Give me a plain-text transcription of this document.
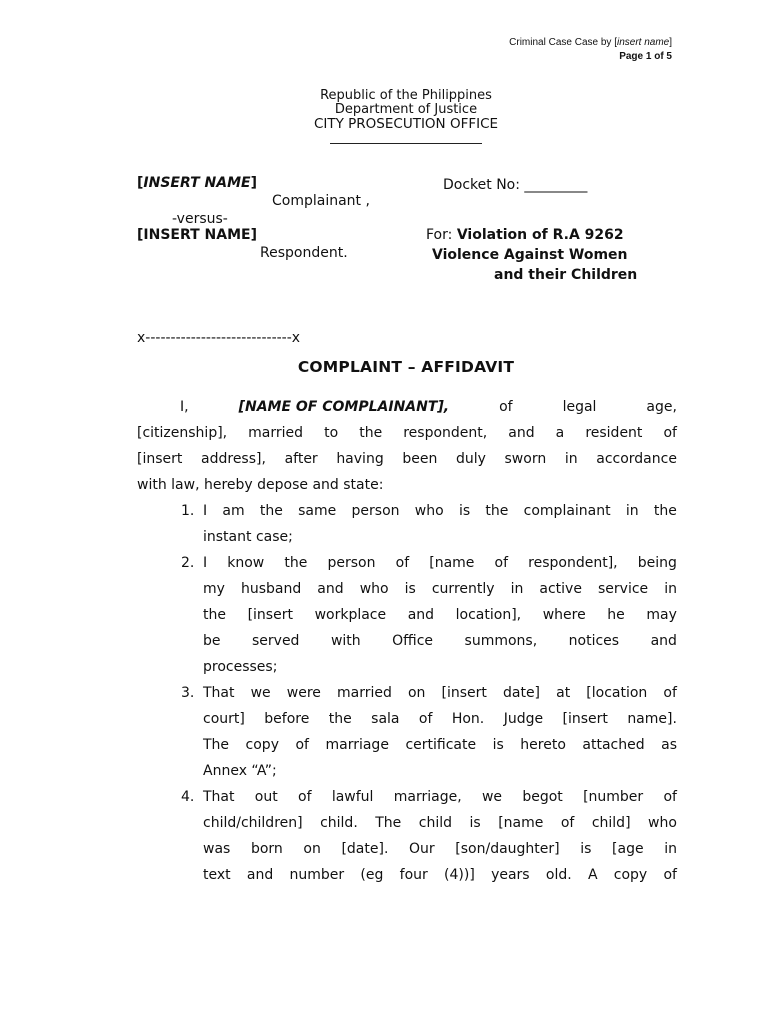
Criminal Case Case by [insert name]
Page 1 of 5
Republic of the Philippines
Department of Justice
CITY PROSECUTION OFFICE
[INSERT NAME]
Complainant ,
-versus-
[INSERT NAME]
Respondent.
Docket No: _________
For: Violation of R.A 9262
Violence Against Women
and their Children
x-----------------------------x
COMPLAINT – AFFIDAVIT
I,	[NAME OF COMPLAINANT],	of	legal	age,
[citizenship], married to the respondent, and a resident of
[insert address], after having been duly sworn in accordance
with law, hereby depose and state:
1. I am the same person who is the complainant in the
instant case;
2. I know the person of [name of respondent], being
my husband and who is currently in active service in
the [insert workplace and location], where he may
be served with Office summons, notices and
processes;
3. That we were married on [insert date] at [location of
court] before the sala of Hon. Judge [insert name].
The copy of marriage certificate is hereto attached as
Annex “A”;
4. That out of lawful marriage, we begot [number of
child/children] child. The child is [name of child] who
was born on [date]. Our [son/daughter] is [age in
text and number (eg four (4))] years old. A copy of
